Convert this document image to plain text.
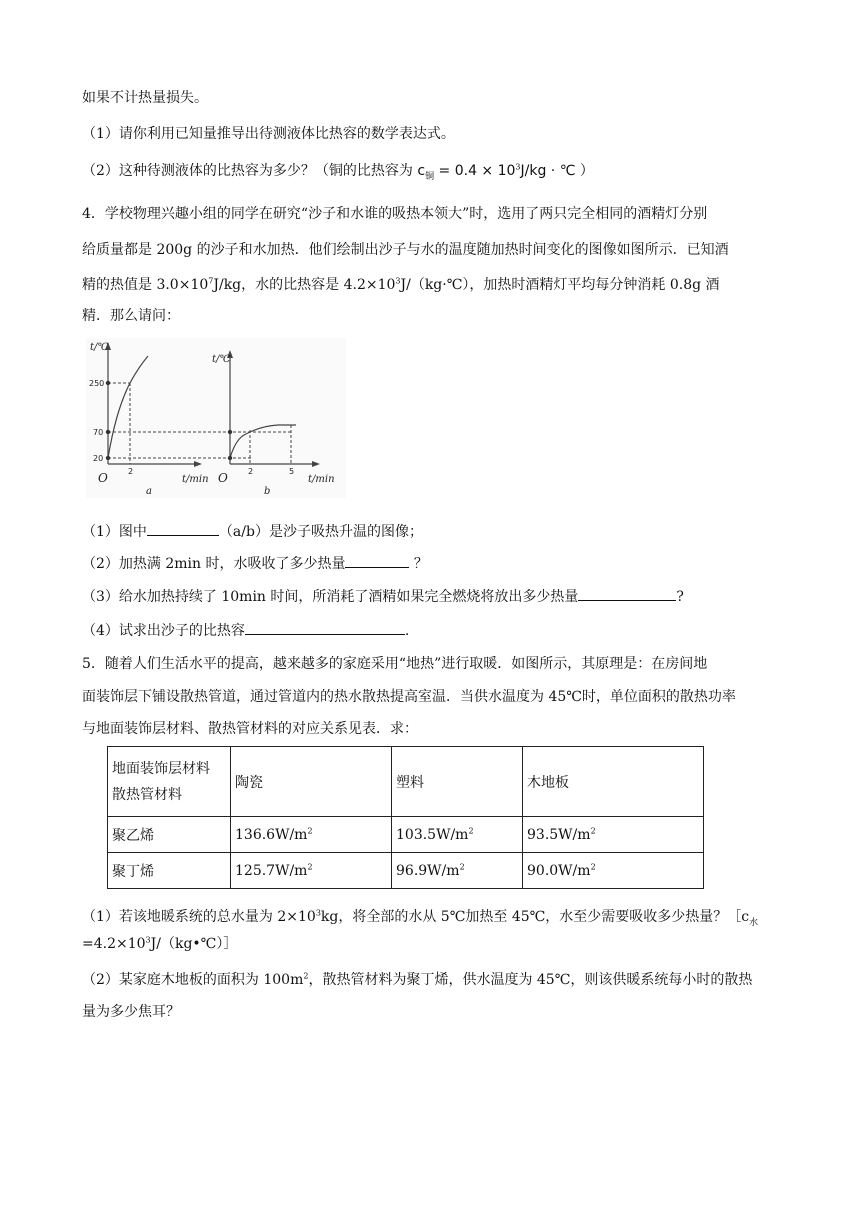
如果不计热量损失。
（1）请你利用已知量推导出待测液体比热容的数学表达式。
（2）这种待测液体的比热容为多少？（铜的比热容为 $c_铜 = 0.4 \times 10^3J/kg$ · ℃ ）
4．学校物理兴趣小组的同学在研究“沙子和水谁的吸热本领大”时，选用了两只完全相同的酒精灯分别
给质量都是 200g 的沙子和水加热．他们绘制出沙子与水的温度随加热时间变化的图像如图所示．已知酒
精的热值是 $3.0\times 10^7J/kg$，水的比热容是 $4.2\times 10^3J/(kg\cdot℃)$，加热时酒精灯平均每分钟消耗 0.8g 酒
精．那么请问：
t/℃
t/℃
t/min	t/min
O	O
a	b
250
70
20
2	2	5
（1）图中	（a/b）是沙子吸热升温的图像；
（2）加热满 2min 时，水吸收了多少热量	？
（3）给水加热持续了 10min 时间，所消耗了酒精如果完全燃烧将放出多少热量	?
（4）试求出沙子的比热容	.
5．随着人们生活水平的提高，越来越多的家庭采用“地热”进行取暖．如图所示，其原理是：在房间地
面装饰层下铺设散热管道，通过管道内的热水散热提高室温．当供水温度为 45℃时，单位面积的散热功率
与地面装饰层材料、散热管材料的对应关系见表．求：
地面装饰层材料
散热管材料	陶瓷	塑料	木地板
聚乙烯	$136.6W/m^2$	$103.5W/m^2$	$93.5W/m^2$
聚丁烯	$125.7W/m^2$	$96.9W/m^2$	$90.0W/m^2$
（1）若该地暖系统的总水量为 $2\times 10^3kg$，将全部的水从 5℃加热至 45℃，水至少需要吸收多少热量？$[c_水$
$=4.2\times 10^3J/(kg•℃)]$
（2）某家庭木地板的面积为 $100m^2$，散热管材料为聚丁烯，供水温度为 45℃，则该供暖系统每小时的散热
量为多少焦耳？
